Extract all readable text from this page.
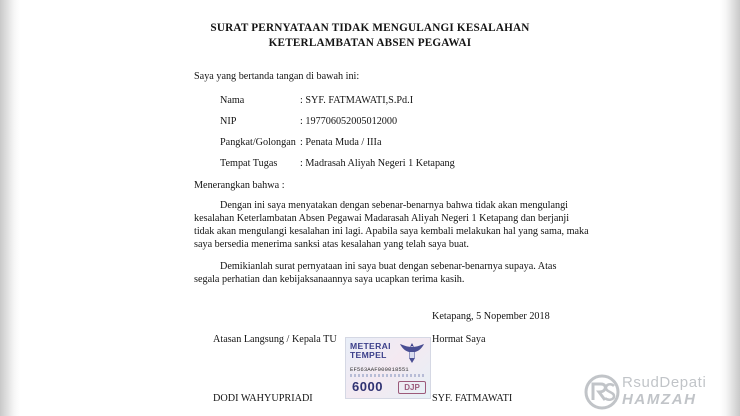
SURAT PERNYATAAN TIDAK MENGULANGI KESALAHAN
KETERLAMBATAN ABSEN PEGAWAI
Saya yang bertanda tangan di bawah ini:
Nama	: SYF. FATMAWATI,S.Pd.I
NIP	: 197706052005012000
Pangkat/Golongan : Penata Muda / IIIa
Tempat Tugas : Madrasah Aliyah Negeri 1 Ketapang
Menerangkan bahwa :
Dengan ini saya menyatakan dengan sebenar-benarnya bahwa tidak akan mengulangi
kesalahan Keterlambatan Absen Pegawai Madarasah Aliyah Negeri 1 Ketapang dan berjanji
tidak akan mengulangi kesalahan ini lagi. Apabila saya kembali melakukan hal yang sama, maka
saya bersedia menerima sanksi atas kesalahan yang telah saya buat.
Demikianlah surat pernyataan ini saya buat dengan sebenar-benarnya supaya. Atas
segala perhatian dan kebijaksanaannya saya ucapkan terima kasih.
Ketapang, 5 Nopember 2018
Atasan Langsung / Kepala TU	Hormat Saya
DODI WAHYUPRIADI	SYF. FATMAWATI
METERAI
TEMPEL
EF563AAF000018551
6000	DJP	RsudDepati
HAMZAH
